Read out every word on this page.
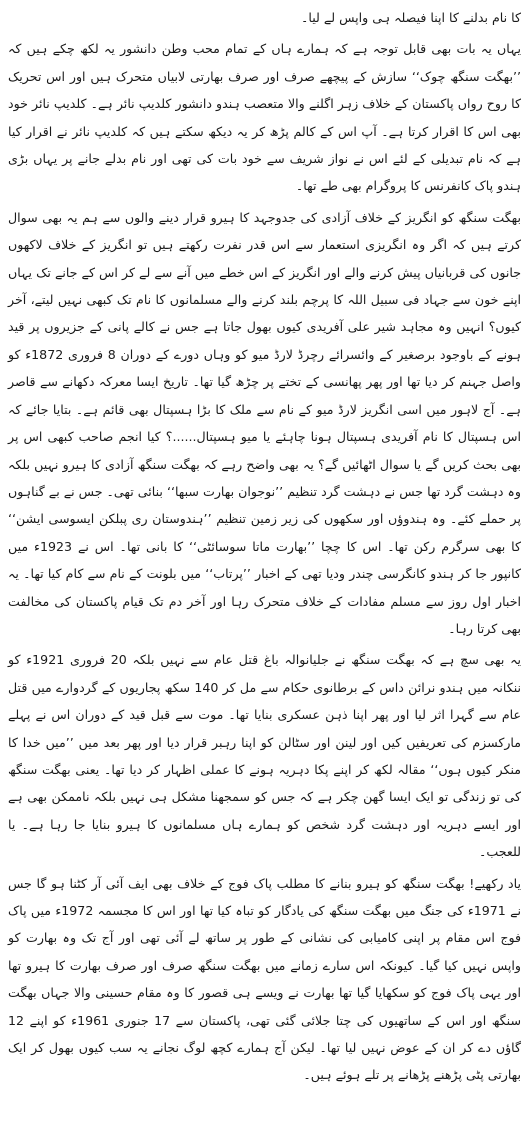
کا نام بدلنے کا اپنا فیصلہ ہی واپس لے لیا۔

یہاں یہ بات بھی قابل توجہ ہے کہ ہمارے ہاں کے تمام محب وطن دانشور یہ لکھ چکے ہیں کہ ’’بھگت سنگھ چوک‘‘ سازش کے پیچھے صرف اور صرف بھارتی لابیاں متحرک ہیں اور اس تحریک کا روح رواں پاکستان کے خلاف زہر اگلنے والا متعصب ہندو دانشور کلدیپ نائر ہے۔ کلدیپ نائر خود بھی اس کا اقرار کرتا ہے۔ آپ اس کے کالم پڑھ کر یہ دیکھ سکتے ہیں کہ کلدیپ نائر نے اقرار کیا ہے کہ نام تبدیلی کے لئے اس نے نواز شریف سے خود بات کی تھی اور نام بدلے جانے پر یہاں بڑی ہندو پاک کانفرنس کا پروگرام بھی طے تھا۔

بھگت سنگھ کو انگریز کے خلاف آزادی کی جدوجہد کا ہیرو قرار دینے والوں سے ہم یہ بھی سوال کرتے ہیں کہ اگر وہ انگریزی استعمار سے اس قدر نفرت رکھتے ہیں تو انگریز کے خلاف لاکھوں جانوں کی قربانیاں پیش کرنے والے اور انگریز کے اس خطے میں آنے سے لے کر اس کے جانے تک یہاں اپنے خون سے جہاد فی سبیل اللہ کا پرچم بلند کرنے والے مسلمانوں کا نام تک کبھی نہیں لیتے، آخر کیوں؟ انہیں وہ مجاہد شیر علی آفریدی کیوں بھول جاتا ہے جس نے کالے پانی کے جزیروں پر قید ہونے کے باوجود برصغیر کے وائسرائے رچرڈ لارڈ میو کو وہاں دورے کے دوران 8 فروری 1872ء کو واصل جہنم کر دیا تھا اور پھر پھانسی کے تختے پر چڑھ گیا تھا۔ تاریخ ایسا معرکہ دکھانے سے قاصر ہے۔ آج لاہور میں اسی انگریز لارڈ میو کے نام سے ملک کا بڑا ہسپتال بھی قائم ہے۔ بتایا جائے کہ اس ہسپتال کا نام آفریدی ہسپتال ہونا چاہئے یا میو ہسپتال......؟ کیا انجم صاحب کبھی اس پر بھی بحث کریں گے یا سوال اٹھائیں گے؟ یہ بھی واضح رہے کہ بھگت سنگھ آزادی کا ہیرو نہیں بلکہ وہ دہشت گرد تھا جس نے دہشت گرد تنظیم ’’نوجوان بھارت سبھا‘‘ بنائی تھی۔ جس نے بے گناہوں پر حملے کئے۔ وہ ہندوؤں اور سکھوں کی زیر زمین تنظیم ’’ہندوستان ری پبلکن ایسوسی ایشن‘‘ کا بھی سرگرم رکن تھا۔ اس کا چچا ’’بھارت ماتا سوسائٹی‘‘ کا بانی تھا۔ اس نے 1923ء میں کانپور جا کر ہندو کانگرسی چندر ودیا تھی کے اخبار ’’پرتاب‘‘ میں بلونت کے نام سے کام کیا تھا۔ یہ اخبار اول روز سے مسلم مفادات کے خلاف متحرک رہا اور آخر دم تک قیام پاکستان کی مخالفت بھی کرتا رہا۔

یہ بھی سچ ہے کہ بھگت سنگھ نے جلیانوالہ باغ قتل عام سے نہیں بلکہ 20 فروری 1921ء کو ننکانہ میں ہندو نرائن داس کے برطانوی حکام سے مل کر 140 سکھ پجاریوں کے گردوارے میں قتل عام سے گہرا اثر لیا اور پھر اپنا ذہن عسکری بنایا تھا۔ موت سے قبل قید کے دوران اس نے پہلے مارکسزم کی تعریفیں کیں اور لینن اور سٹالن کو اپنا رہبر قرار دیا اور پھر بعد میں ’’میں خدا کا منکر کیوں ہوں‘‘ مقالہ لکھ کر اپنے پکا دہریہ ہونے کا عملی اظہار کر دیا تھا۔ یعنی بھگت سنگھ کی تو زندگی تو ایک ایسا گھن چکر ہے کہ جس کو سمجھنا مشکل ہی نہیں بلکہ ناممکن بھی ہے اور ایسے دہریہ اور دہشت گرد شخص کو ہمارے ہاں مسلمانوں کا ہیرو بنایا جا رہا ہے۔ یا للعجب۔

یاد رکھیے! بھگت سنگھ کو ہیرو بنانے کا مطلب پاک فوج کے خلاف بھی ایف آئی آر کٹنا ہو گا جس نے 1971ء کی جنگ میں بھگت سنگھ کی یادگار کو تباہ کیا تھا اور اس کا مجسمہ 1972ء میں پاک فوج اس مقام پر اپنی کامیابی کی نشانی کے طور پر ساتھ لے آئی تھی اور آج تک وہ بھارت کو واپس نہیں کیا گیا۔ کیونکہ اس سارے زمانے میں بھگت سنگھ صرف اور صرف بھارت کا ہیرو تھا اور یہی پاک فوج کو سکھایا گیا تھا بھارت نے ویسے ہی قصور کا وہ مقام حسینی والا جہاں بھگت سنگھ اور اس کے ساتھیوں کی چتا جلائی گئی تھی، پاکستان سے 17 جنوری 1961ء کو اپنے 12 گاؤں دے کر ان کے عوض نہیں لیا تھا۔ لیکن آج ہمارے کچھ لوگ نجانے یہ سب کیوں بھول کر ایک بھارتی پٹی پڑھنے پڑھانے پر تلے ہوئے ہیں۔
